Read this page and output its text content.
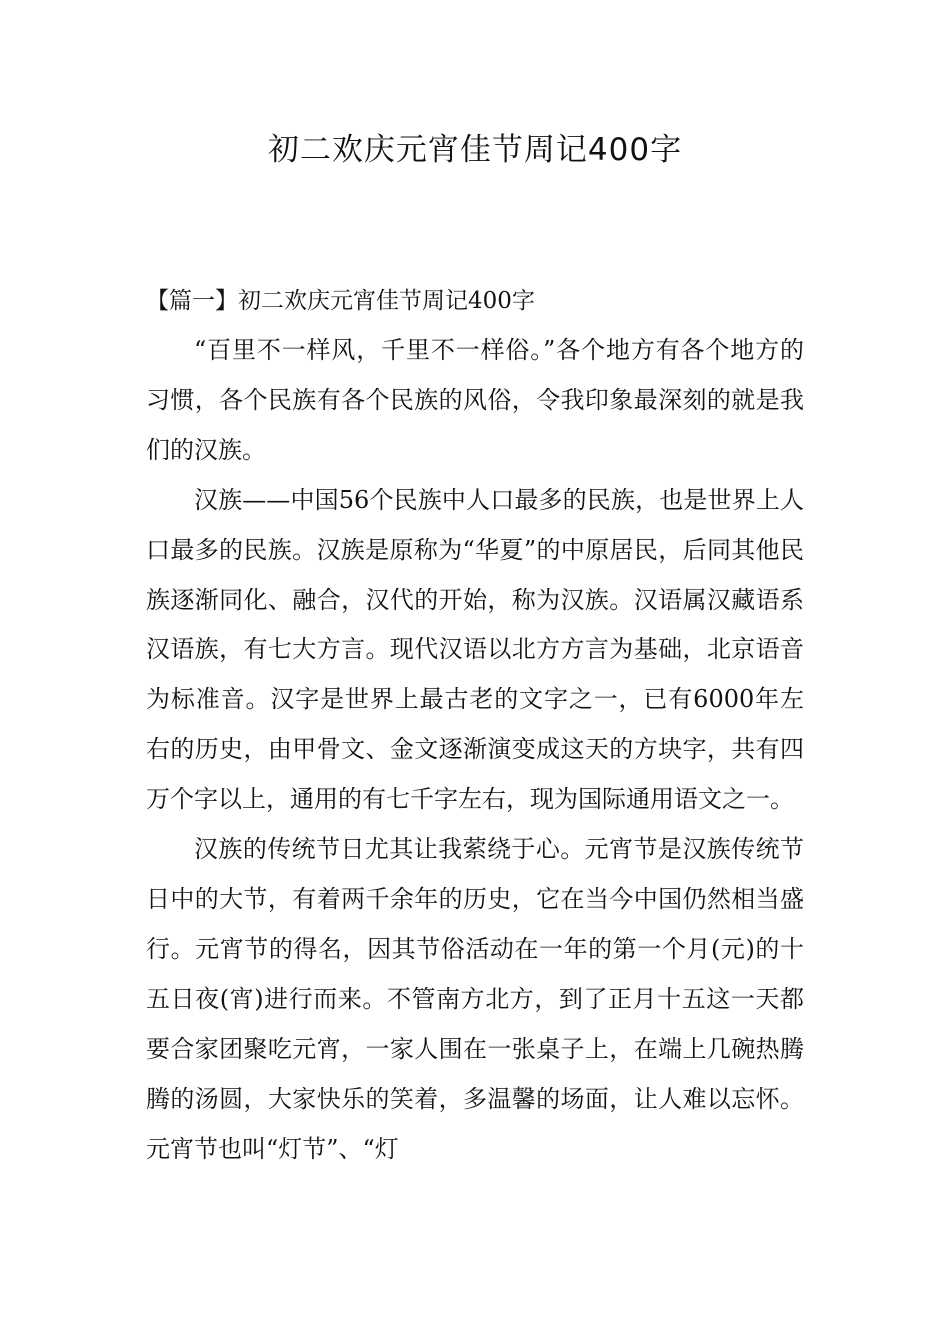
初二欢庆元宵佳节周记400字
【篇一】初二欢庆元宵佳节周记400字

“百里不一样风，千里不一样俗。”各个地方有各个地方的习惯，各个民族有各个民族的风俗，令我印象最深刻的就是我们的汉族。

汉族——中国56个民族中人口最多的民族，也是世界上人口最多的民族。汉族是原称为“华夏”的中原居民，后同其他民族逐渐同化、融合，汉代的开始，称为汉族。汉语属汉藏语系汉语族，有七大方言。现代汉语以北方方言为基础，北京语音为标准音。汉字是世界上最古老的文字之一，已有6000年左右的历史，由甲骨文、金文逐渐演变成这天的方块字，共有四万个字以上，通用的有七千字左右，现为国际通用语文之一。

汉族的传统节日尤其让我萦绕于心。元宵节是汉族传统节日中的大节，有着两千余年的历史，它在当今中国仍然相当盛行。元宵节的得名，因其节俗活动在一年的第一个月(元)的十五日夜(宵)进行而来。不管南方北方，到了正月十五这一天都要合家团聚吃元宵，一家人围在一张桌子上，在端上几碗热腾腾的汤圆，大家快乐的笑着，多温馨的场面，让人难以忘怀。元宵节也叫“灯节”、“灯
